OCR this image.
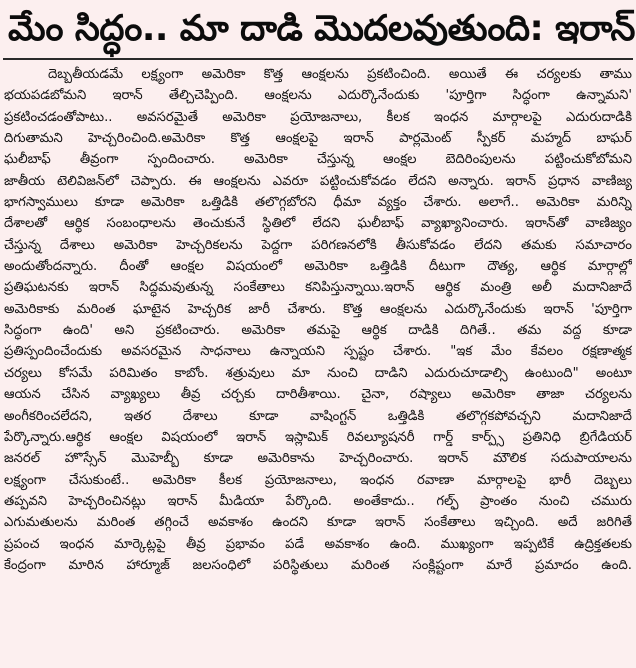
మేం సిద్ధం.. మా దాడి మొదలవుతుంది: ఇరాన్
దెబ్బతీయడమే లక్ష్యంగా అమెరికా కొత్త ఆంక్షలను ప్రకటించింది. అయితే ఈ చర్యలకు తాము
భయపడబోమని ఇరాన్ తేల్చిచెప్పింది. ఆంక్షలను ఎదుర్కొనేందుకు 'పూర్తిగా సిద్ధంగా ఉన్నామని'
ప్రకటించడంతోపాటు.. అవసరమైతే అమెరికా ప్రయోజనాలు, కీలక ఇంధన మార్గాలపై ఎదురుదాడికి
దిగుతామని హెచ్చరించింది.అమెరికా కొత్త ఆంక్షలపై ఇరాన్ పార్లమెంట్ స్పీకర్ మహ్మద్ బాఘర్
ఘలీబాఫ్ తీవ్రంగా స్పందించారు. అమెరికా చేస్తున్న ఆంక్షల బెదిరింపులను పట్టించుకోబోమని
జాతీయ టెలివిజన్‌లో చెప్పారు. ఈ ఆంక్షలను ఎవరూ పట్టించుకోవడం లేదని అన్నారు. ఇరాన్ ప్రధాన వాణిజ్య
భాగస్వాములు కూడా అమెరికా ఒత్తిడికి తలొగ్గబోరని ధీమా వ్యక్తం చేశారు. అలాగే.. అమెరికా మరిన్ని
దేశాలతో ఆర్థిక సంబంధాలను తెంచుకునే స్థితిలో లేదని ఘలీబాఫ్ వ్యాఖ్యానించారు. ఇరాన్‌తో వాణిజ్యం
చేస్తున్న దేశాలు అమెరికా హెచ్చరికలను పెద్దగా పరిగణనలోకి తీసుకోవడం లేదని తమకు సమాచారం
అందుతోందన్నారు. దీంతో ఆంక్షల విషయంలో అమెరికా ఒత్తిడికి దీటుగా దౌత్య, ఆర్థిక మార్గాల్లో
ప్రతిఘటనకు ఇరాన్ సిద్ధమవుతున్న సంకేతాలు కనిపిస్తున్నాయి.ఇరాన్ ఆర్థిక మంత్రి అలీ మదానిజాదే
అమెరికాకు మరింత ఘాటైన హెచ్చరిక జారీ చేశారు. కొత్త ఆంక్షలను ఎదుర్కొనేందుకు ఇరాన్ 'పూర్తిగా
సిద్ధంగా ఉంది' అని ప్రకటించారు. అమెరికా తమపై ఆర్థిక దాడికి దిగితే.. తమ వద్ద కూడా
ప్రతిస్పందించేందుకు అవసరమైన సాధనాలు ఉన్నాయని స్పష్టం చేశారు. "ఇక మేం కేవలం రక్షణాత్మక
చర్యలు కోసమే పరిమితం కాబోం. శత్రువులు మా నుంచి దాడిని ఎదురుచూడాల్సి ఉంటుంది" అంటూ
ఆయన చేసిన వ్యాఖ్యలు తీవ్ర చర్చకు దారితీశాయి. చైనా, రష్యాలు అమెరికా తాజా చర్యలను
అంగీకరించలేదని, ఇతర దేశాలు కూడా వాషింగ్టన్ ఒత్తిడికి తలొగ్గకపోవచ్చని మదానిజాదే
పేర్కొన్నారు.ఆర్థిక ఆంక్షల విషయంలో ఇరాన్ ఇస్లామిక్ రివల్యూషనరీ గార్డ్ కార్ప్స్ ప్రతినిధి బ్రిగేడియర్
జనరల్ హొస్సేన్ మొహెబ్బీ కూడా అమెరికాను హెచ్చరించారు. ఇరాన్ మౌలిక సదుపాయాలను
లక్ష్యంగా చేసుకుంటే.. అమెరికా కీలక ప్రయోజనాలు, ఇంధన రవాణా మార్గాలపై భారీ దెబ్బలు
తప్పవని హెచ్చరించినట్లు ఇరాన్ మీడియా పేర్కొంది. అంతేకాదు.. గల్ఫ్ ప్రాంతం నుంచి చమురు
ఎగుమతులను మరింత తగ్గించే అవకాశం ఉందని కూడా ఇరాన్ సంకేతాలు ఇచ్చింది. అదే జరిగితే
ప్రపంచ ఇంధన మార్కెట్లపై తీవ్ర ప్రభావం పడే అవకాశం ఉంది. ముఖ్యంగా ఇప్పటికే ఉద్రిక్తతలకు
కేంద్రంగా మారిన హార్మూజ్ జలసంధిలో పరిస్థితులు మరింత సంక్లిష్టంగా మారే ప్రమాదం ఉంది.
